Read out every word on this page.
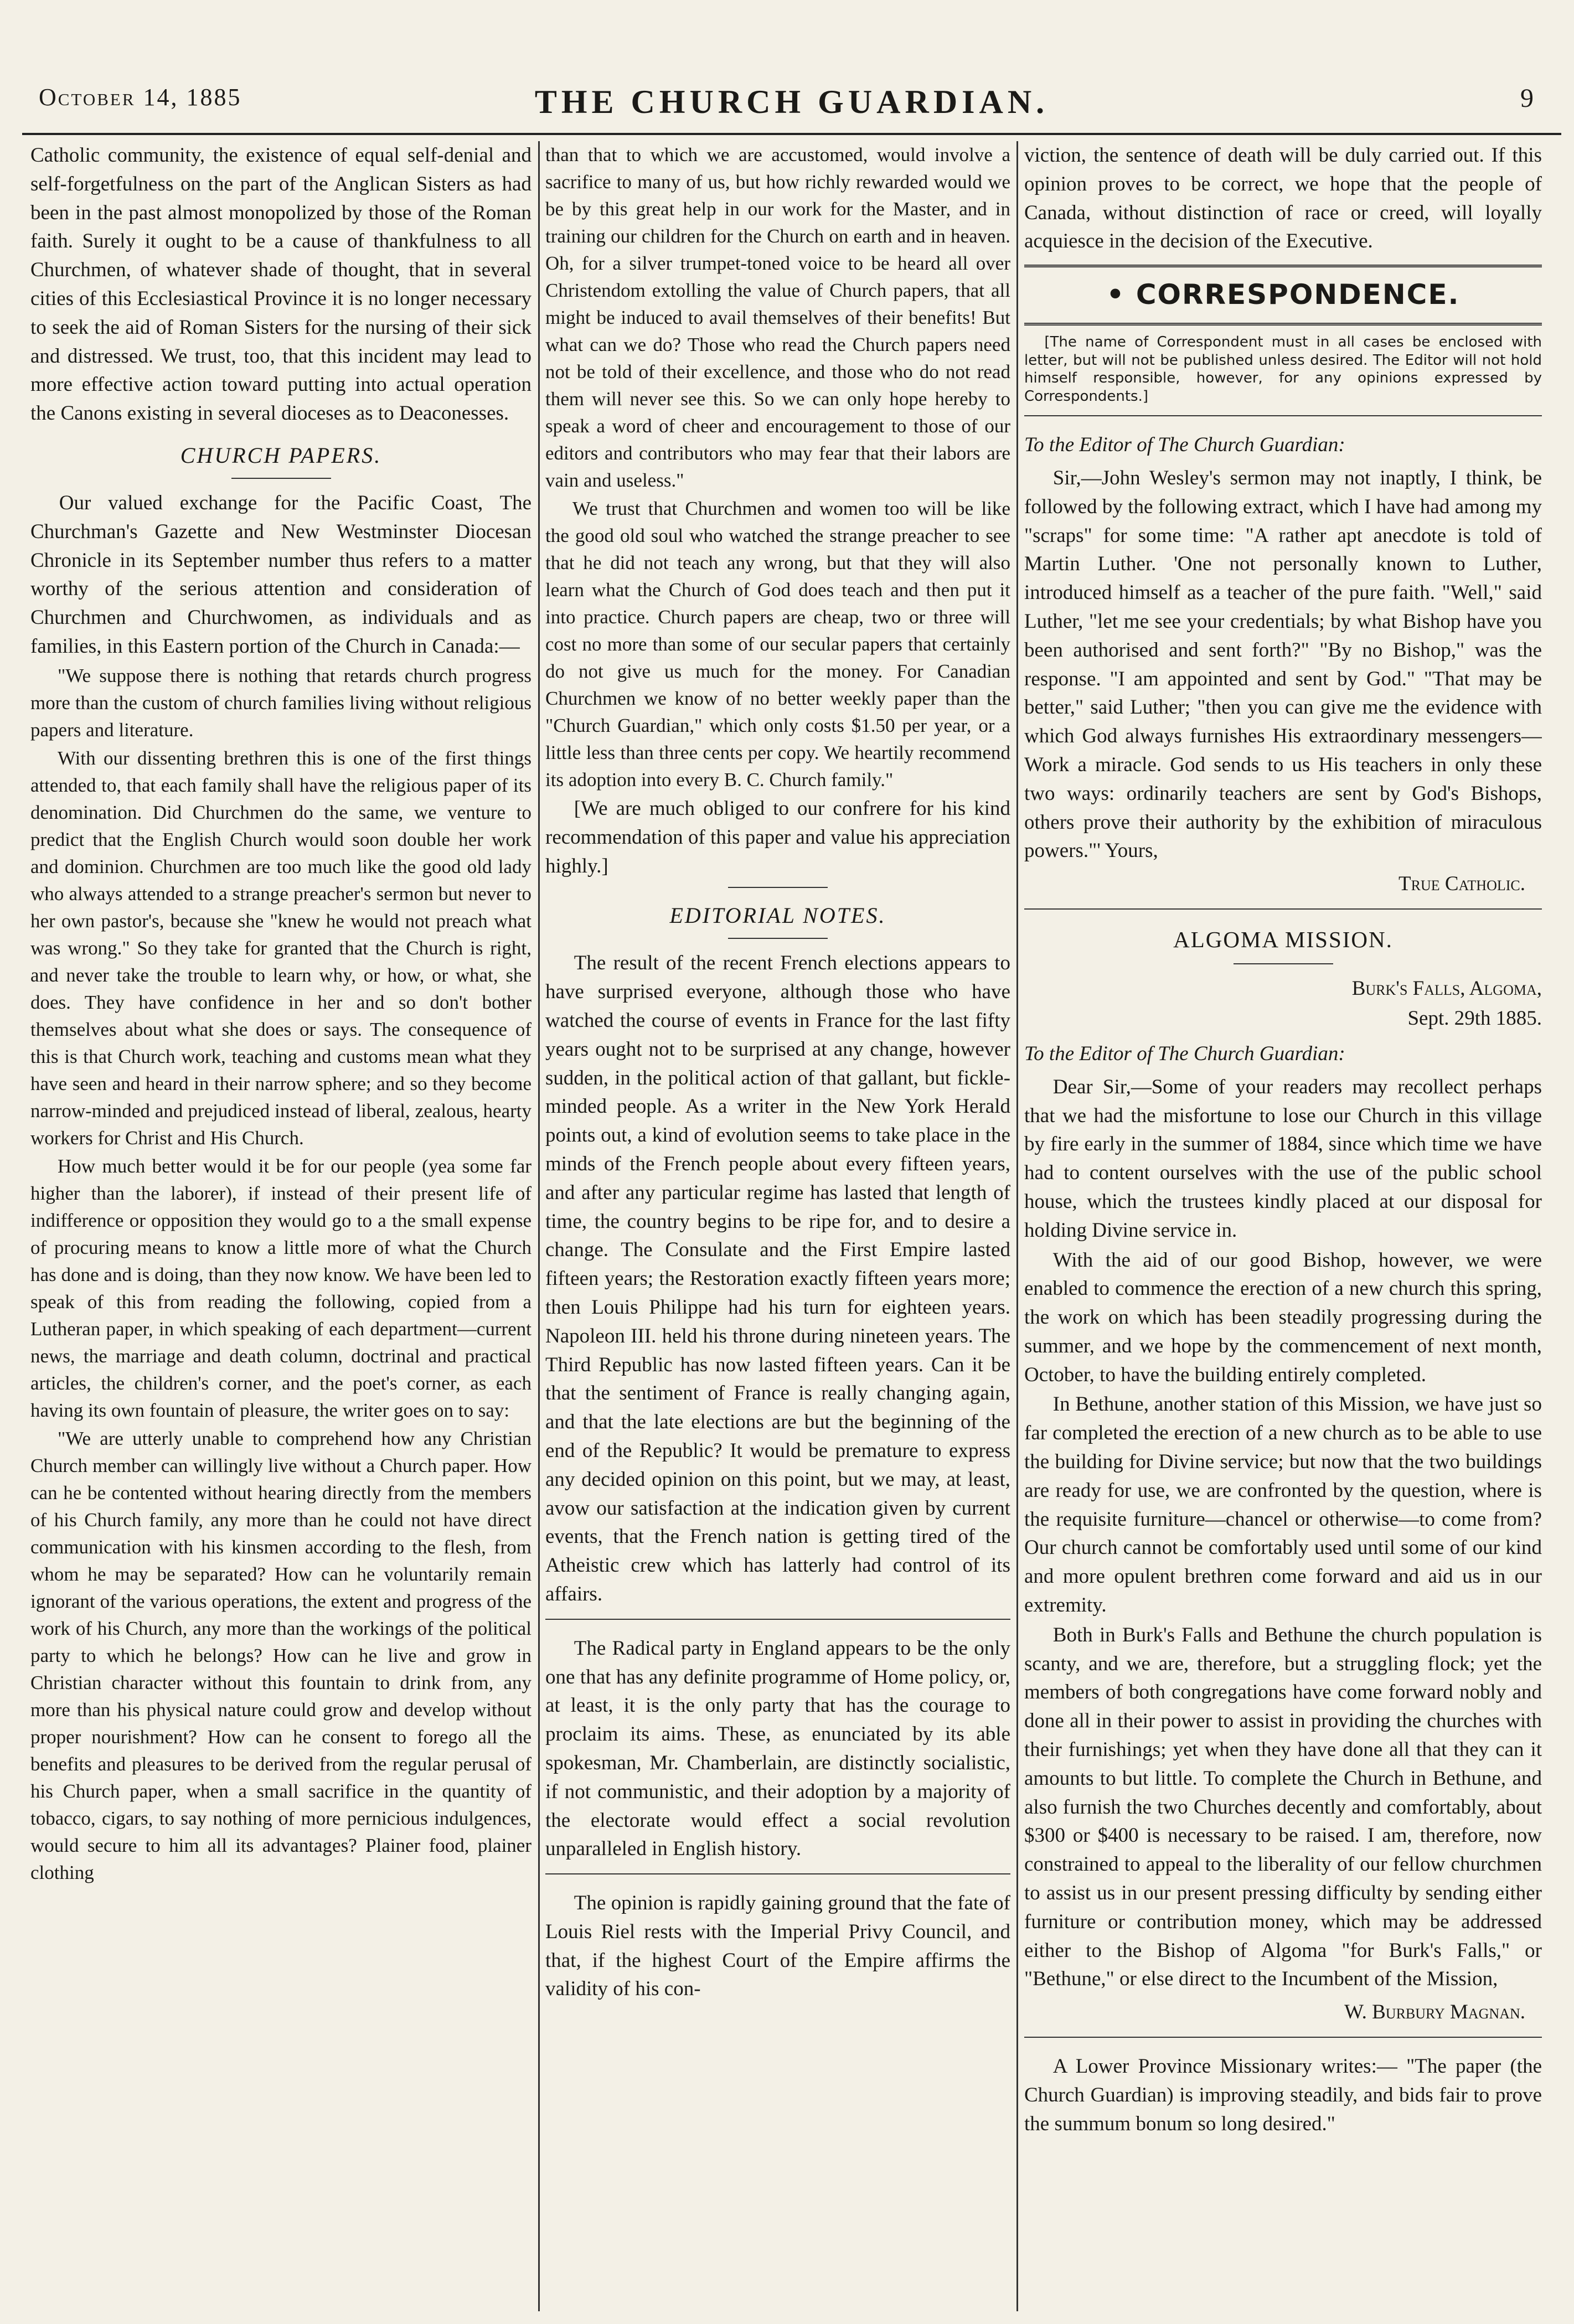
October 14, 1885	THE CHURCH GUARDIAN.	9

Catholic community, the existence of equal self-denial and self-forgetfulness on the part of the Anglican Sisters as had been in the past almost monopolized by those of the Roman faith. Surely it ought to be a cause of thankfulness to all Churchmen, of whatever shade of thought, that in several cities of this Ecclesiastical Province it is no longer necessary to seek the aid of Roman Sisters for the nursing of their sick and distressed. We trust, too, that this incident may lead to more effective action toward putting into actual operation the Canons existing in several dioceses as to Deaconesses.

CHURCH PAPERS.

Our valued exchange for the Pacific Coast, The Churchman's Gazette and New Westminster Diocesan Chronicle in its September number thus refers to a matter worthy of the serious attention and consideration of Churchmen and Churchwomen, as individuals and as families, in this Eastern portion of the Church in Canada:—

"We suppose there is nothing that retards church progress more than the custom of church families living without religious papers and literature.

With our dissenting brethren this is one of the first things attended to, that each family shall have the religious paper of its denomination. Did Churchmen do the same, we venture to predict that the English Church would soon double her work and dominion. Churchmen are too much like the good old lady who always attended to a strange preacher's sermon but never to her own pastor's, because she "knew he would not preach what was wrong." So they take for granted that the Church is right, and never take the trouble to learn why, or how, or what, she does. They have confidence in her and so don't bother themselves about what she does or says. The consequence of this is that Church work, teaching and customs mean what they have seen and heard in their narrow sphere; and so they become narrow-minded and prejudiced instead of liberal, zealous, hearty workers for Christ and His Church.

How much better would it be for our people (yea some far higher than the laborer), if instead of their present life of indifference or opposition they would go to a the small expense of procuring means to know a little more of what the Church has done and is doing, than they now know. We have been led to speak of this from reading the following, copied from a Lutheran paper, in which speaking of each department—current news, the marriage and death column, doctrinal and practical articles, the children's corner, and the poet's corner, as each having its own fountain of pleasure, the writer goes on to say:

"We are utterly unable to comprehend how any Christian Church member can willingly live without a Church paper. How can he be contented without hearing directly from the members of his Church family, any more than he could not have direct communication with his kinsmen according to the flesh, from whom he may be separated? How can he voluntarily remain ignorant of the various operations, the extent and progress of the work of his Church, any more than the workings of the political party to which he belongs? How can he live and grow in Christian character without this fountain to drink from, any more than his physical nature could grow and develop without proper nourishment? How can he consent to forego all the benefits and pleasures to be derived from the regular perusal of his Church paper, when a small sacrifice in the quantity of tobacco, cigars, to say nothing of more pernicious indulgences, would secure to him all its advantages? Plainer food, plainer clothing

than that to which we are accustomed, would involve a sacrifice to many of us, but how richly rewarded would we be by this great help in our work for the Master, and in training our children for the Church on earth and in heaven. Oh, for a silver trumpet-toned voice to be heard all over Christendom extolling the value of Church papers, that all might be induced to avail themselves of their benefits! But what can we do? Those who read the Church papers need not be told of their excellence, and those who do not read them will never see this. So we can only hope hereby to speak a word of cheer and encouragement to those of our editors and contributors who may fear that their labors are vain and useless."

We trust that Churchmen and women too will be like the good old soul who watched the strange preacher to see that he did not teach any wrong, but that they will also learn what the Church of God does teach and then put it into practice. Church papers are cheap, two or three will cost no more than some of our secular papers that certainly do not give us much for the money. For Canadian Churchmen we know of no better weekly paper than the "Church Guardian," which only costs $1.50 per year, or a little less than three cents per copy. We heartily recommend its adoption into every B. C. Church family."

[We are much obliged to our confrere for his kind recommendation of this paper and value his appreciation highly.]

EDITORIAL NOTES.

The result of the recent French elections appears to have surprised everyone, although those who have watched the course of events in France for the last fifty years ought not to be surprised at any change, however sudden, in the political action of that gallant, but fickle-minded people. As a writer in the New York Herald points out, a kind of evolution seems to take place in the minds of the French people about every fifteen years, and after any particular regime has lasted that length of time, the country begins to be ripe for, and to desire a change. The Consulate and the First Empire lasted fifteen years; the Restoration exactly fifteen years more; then Louis Philippe had his turn for eighteen years. Napoleon III. held his throne during nineteen years. The Third Republic has now lasted fifteen years. Can it be that the sentiment of France is really changing again, and that the late elections are but the beginning of the end of the Republic? It would be premature to express any decided opinion on this point, but we may, at least, avow our satisfaction at the indication given by current events, that the French nation is getting tired of the Atheistic crew which has latterly had control of its affairs.

The Radical party in England appears to be the only one that has any definite programme of Home policy, or, at least, it is the only party that has the courage to proclaim its aims. These, as enunciated by its able spokesman, Mr. Chamberlain, are distinctly socialistic, if not communistic, and their adoption by a majority of the electorate would effect a social revolution unparalleled in English history.

The opinion is rapidly gaining ground that the fate of Louis Riel rests with the Imperial Privy Council, and that, if the highest Court of the Empire affirms the validity of his con-

viction, the sentence of death will be duly carried out. If this opinion proves to be correct, we hope that the people of Canada, without distinction of race or creed, will loyally acquiesce in the decision of the Executive.

• CORRESPONDENCE.

[The name of Correspondent must in all cases be enclosed with letter, but will not be published unless desired. The Editor will not hold himself responsible, however, for any opinions expressed by Correspondents.]

To the Editor of The Church Guardian:

Sir,—John Wesley's sermon may not inaptly, I think, be followed by the following extract, which I have had among my "scraps" for some time: "A rather apt anecdote is told of Martin Luther. 'One not personally known to Luther, introduced himself as a teacher of the pure faith. "Well," said Luther, "let me see your credentials; by what Bishop have you been authorised and sent forth?" "By no Bishop," was the response. "I am appointed and sent by God." "That may be better," said Luther; "then you can give me the evidence with which God always furnishes His extraordinary messengers—Work a miracle. God sends to us His teachers in only these two ways: ordinarily teachers are sent by God's Bishops, others prove their authority by the exhibition of miraculous powers."' Yours,

True Catholic.

ALGOMA MISSION.

Burk's Falls, Algoma,

Sept. 29th 1885.

To the Editor of The Church Guardian:

Dear Sir,—Some of your readers may recollect perhaps that we had the misfortune to lose our Church in this village by fire early in the summer of 1884, since which time we have had to content ourselves with the use of the public school house, which the trustees kindly placed at our disposal for holding Divine service in.

With the aid of our good Bishop, however, we were enabled to commence the erection of a new church this spring, the work on which has been steadily progressing during the summer, and we hope by the commencement of next month, October, to have the building entirely completed.

In Bethune, another station of this Mission, we have just so far completed the erection of a new church as to be able to use the building for Divine service; but now that the two buildings are ready for use, we are confronted by the question, where is the requisite furniture—chancel or otherwise—to come from? Our church cannot be comfortably used until some of our kind and more opulent brethren come forward and aid us in our extremity.

Both in Burk's Falls and Bethune the church population is scanty, and we are, therefore, but a struggling flock; yet the members of both congregations have come forward nobly and done all in their power to assist in providing the churches with their furnishings; yet when they have done all that they can it amounts to but little. To complete the Church in Bethune, and also furnish the two Churches decently and comfortably, about $300 or $400 is necessary to be raised. I am, therefore, now constrained to appeal to the liberality of our fellow churchmen to assist us in our present pressing difficulty by sending either furniture or contribution money, which may be addressed either to the Bishop of Algoma "for Burk's Falls," or "Bethune," or else direct to the Incumbent of the Mission,

W. Burbury Magnan.

A Lower Province Missionary writes:— "The paper (the Church Guardian) is improving steadily, and bids fair to prove the summum bonum so long desired."
